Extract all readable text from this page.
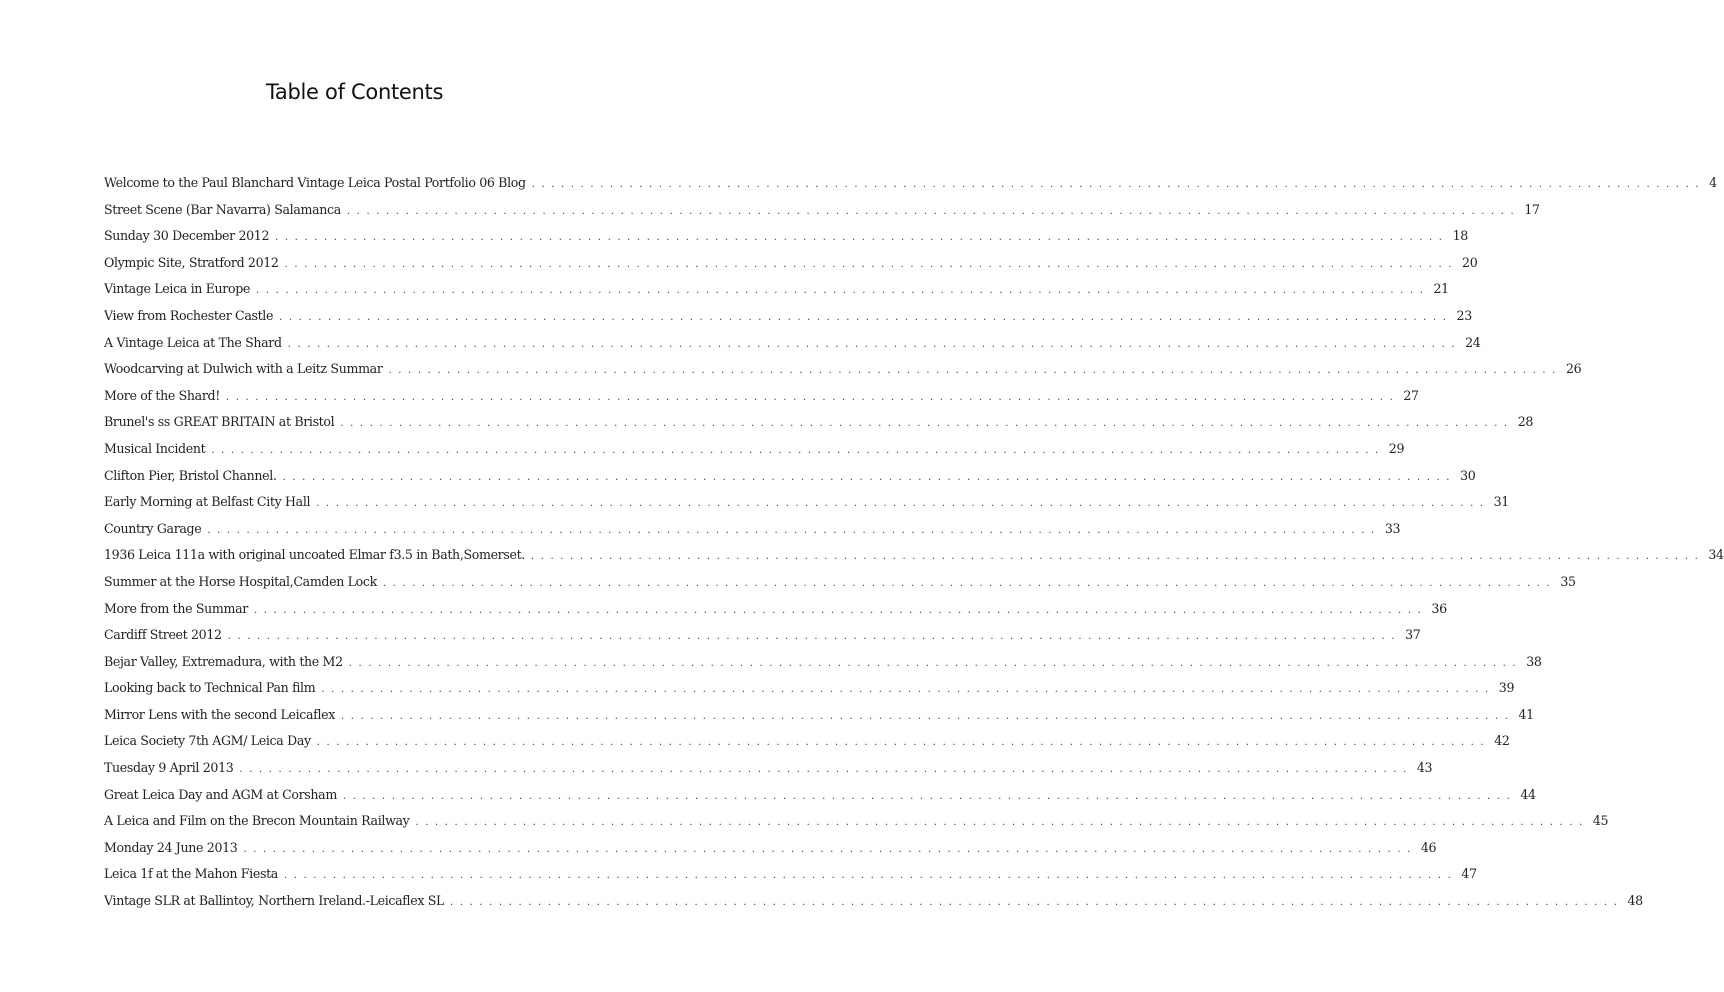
Table of Contents
Welcome to the Paul Blanchard Vintage Leica Postal Portfolio 06 Blog ........................................................................................................................ 4
Street Scene (Bar Navarra) Salamanca ........................................................................................................................ 17
Sunday 30 December 2012 ........................................................................................................................ 18
Olympic Site, Stratford 2012 ........................................................................................................................ 20
Vintage Leica in Europe ........................................................................................................................ 21
View from Rochester Castle ........................................................................................................................ 23
A Vintage Leica at The Shard ........................................................................................................................ 24
Woodcarving at Dulwich with a Leitz Summar ........................................................................................................................ 26
More of the Shard! ........................................................................................................................ 27
Brunel's ss GREAT BRITAIN at Bristol ........................................................................................................................ 28
Musical Incident ........................................................................................................................ 29
Clifton Pier, Bristol Channel. ........................................................................................................................ 30
Early Morning at Belfast City Hall ........................................................................................................................ 31
Country Garage ........................................................................................................................ 33
1936 Leica 111a with original uncoated Elmar f3.5 in Bath,Somerset. ........................................................................................................................ 34
Summer at the Horse Hospital,Camden Lock ........................................................................................................................ 35
More from the Summar ........................................................................................................................ 36
Cardiff Street 2012 ........................................................................................................................ 37
Bejar Valley, Extremadura, with the M2 ........................................................................................................................ 38
Looking back to Technical Pan film ........................................................................................................................ 39
Mirror Lens with the second Leicaflex ........................................................................................................................ 41
Leica Society 7th AGM/ Leica Day ........................................................................................................................ 42
Tuesday 9 April 2013 ........................................................................................................................ 43
Great Leica Day and AGM at Corsham ........................................................................................................................ 44
A Leica and Film on the Brecon Mountain Railway ........................................................................................................................ 45
Monday 24 June 2013 ........................................................................................................................ 46
Leica 1f at the Mahon Fiesta ........................................................................................................................ 47
Vintage SLR at Ballintoy, Northern Ireland.-Leicaflex SL ........................................................................................................................ 48
